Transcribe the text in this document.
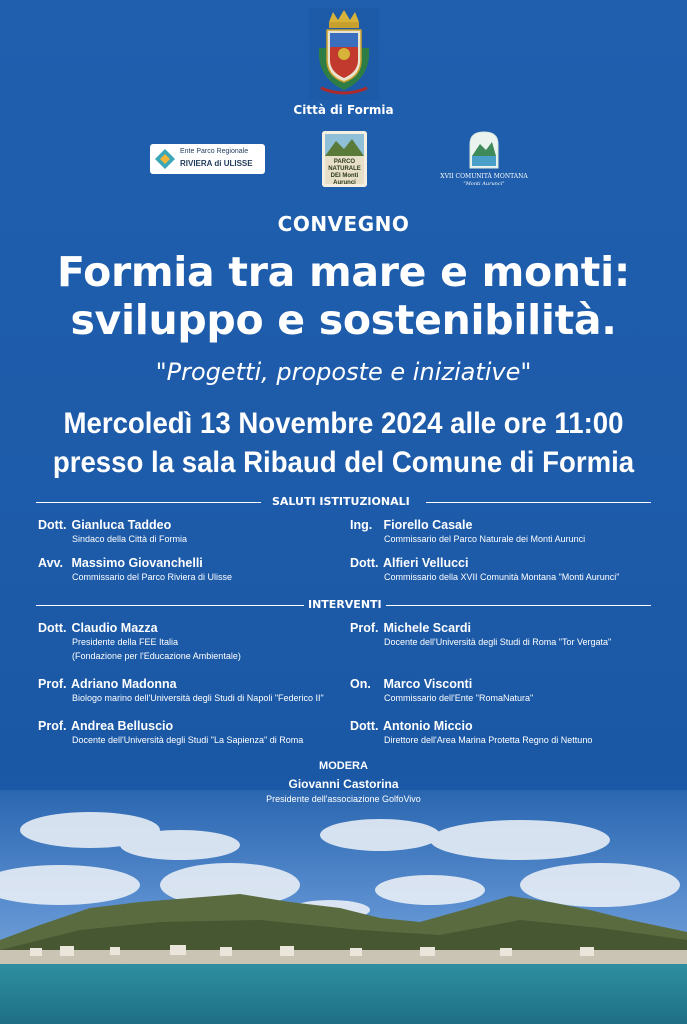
Città di Formia
Ente Parco Regionale
RIVIERA di ULISSE	PARCO NATURALE DEI Monti Aurunci
XVII COMUNITÀ MONTANA
"Monti Aurunci"
CONVEGNO
Formia tra mare e monti:
sviluppo e sostenibilità.
"Progetti, proposte e iniziative"
Mercoledì 13 Novembre 2024 alle ore 11:00
presso la sala Ribaud del Comune di Formia
SALUTI ISTITUZIONALI
Dott. Gianluca Taddeo
Sindaco della Città di Formia
Ing. Fiorello Casale
Commissario del Parco Naturale dei Monti Aurunci
Avv. Massimo Giovanchelli
Commissario del Parco Riviera di Ulisse
Dott. Alfieri Vellucci
Commissario della XVII Comunità Montana "Monti Aurunci"
INTERVENTI
Dott. Claudio Mazza
Presidente della FEE Italia
(Fondazione per l'Educazione Ambientale)
Prof. Michele Scardi
Docente dell'Università degli Studi di Roma "Tor Vergata"
Prof. Adriano Madonna
Biologo marino dell'Università degli Studi di Napoli "Federico II"
On. Marco Visconti
Commissario dell'Ente "RomaNatura"
Prof. Andrea Belluscio
Docente dell'Università degli Studi "La Sapienza" di Roma
Dott. Antonio Miccio
Direttore dell'Area Marina Protetta Regno di Nettuno
MODERA
Giovanni Castorina
Presidente dell'associazione GolfoVivo
